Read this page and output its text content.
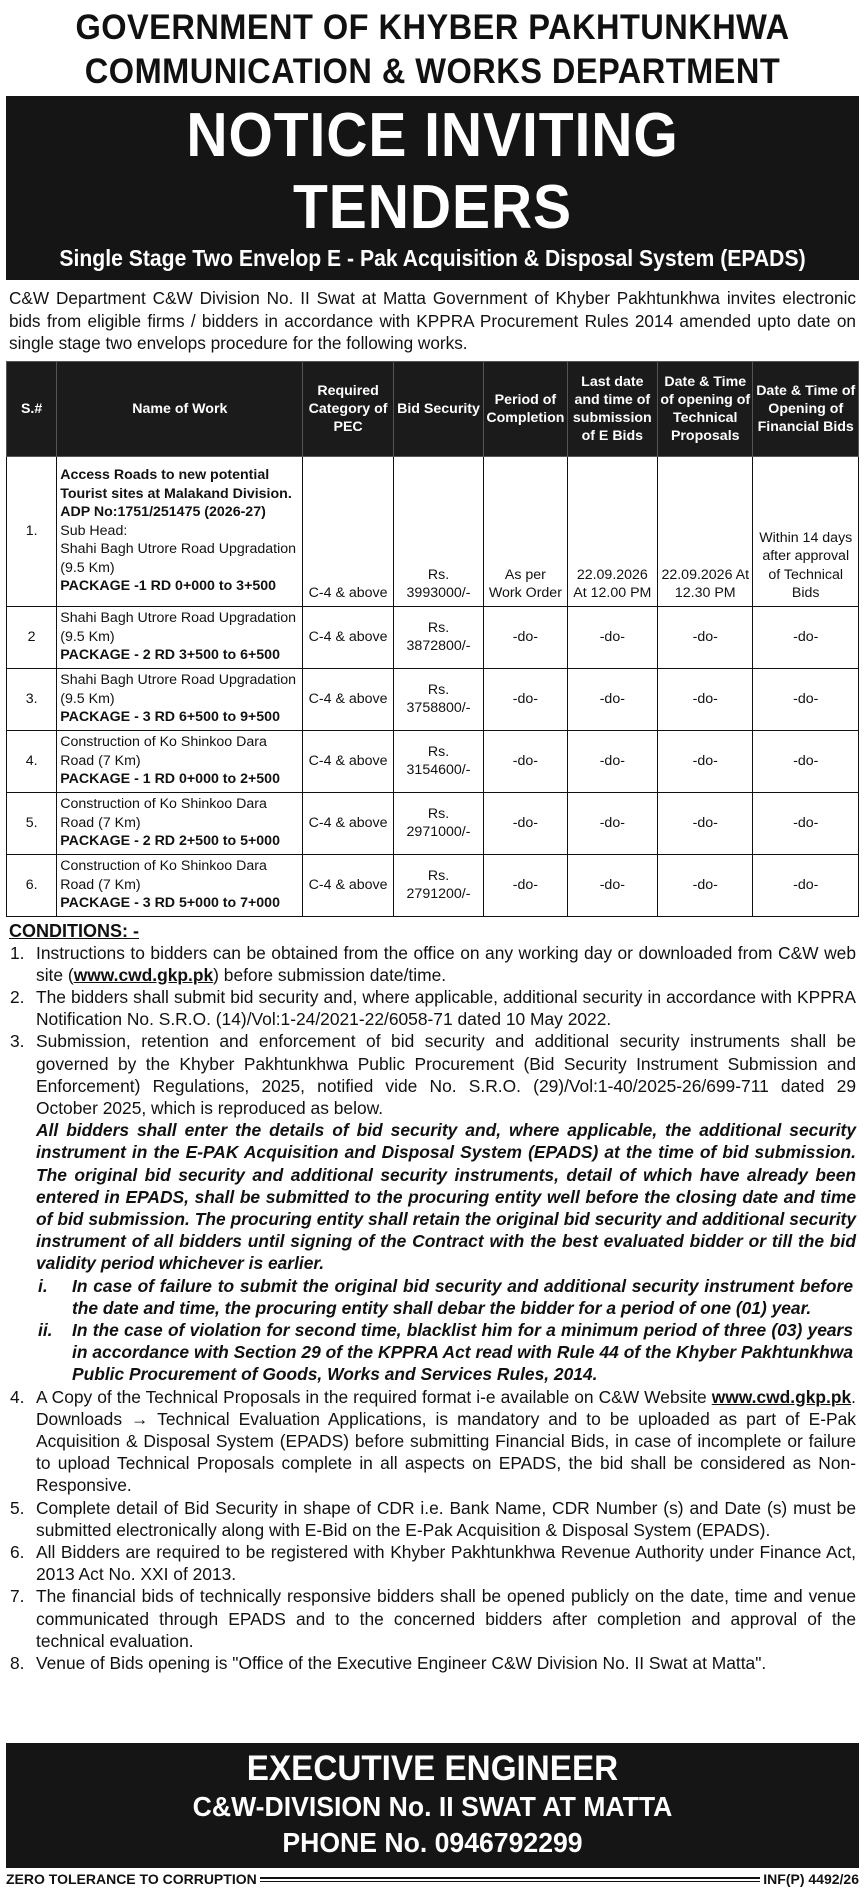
GOVERNMENT OF KHYBER PAKHTUNKHWA
COMMUNICATION & WORKS DEPARTMENT
NOTICE INVITING TENDERS
Single Stage Two Envelop E - Pak Acquisition & Disposal System (EPADS)
C&W Department C&W Division No. II Swat at Matta Government of Khyber Pakhtunkhwa invites electronic bids from eligible firms / bidders in accordance with KPPRA Procurement Rules 2014 amended upto date on single stage two envelops procedure for the following works.
S.#	Name of Work	Required Category of PEC	Bid Security	Period of Completion	Last date and time of submission of E Bids	Date & Time of opening of Technical Proposals	Date & Time of Opening of Financial Bids
1.	Access Roads to new potential Tourist sites at Malakand Division.
ADP No:1751/251475 (2026-27)
Sub Head:
Shahi Bagh Utrore Road Upgradation (9.5 Km)
PACKAGE -1 RD 0+000 to 3+500	C-4 & above	Rs. 3993000/-	As per Work Order	22.09.2026 At 12.00 PM	22.09.2026 At 12.30 PM	Within 14 days after approval of Technical Bids
2	Shahi Bagh Utrore Road Upgradation (9.5 Km)
PACKAGE - 2 RD 3+500 to 6+500	C-4 & above	Rs. 3872800/-	-do-	-do-	-do-	-do-
3.	Shahi Bagh Utrore Road Upgradation (9.5 Km)
PACKAGE - 3 RD 6+500 to 9+500	C-4 & above	Rs. 3758800/-	-do-	-do-	-do-	-do-
4.	Construction of Ko Shinkoo Dara Road (7 Km)
PACKAGE - 1 RD 0+000 to 2+500	C-4 & above	Rs. 3154600/-	-do-	-do-	-do-	-do-
5.	Construction of Ko Shinkoo Dara Road (7 Km)
PACKAGE - 2 RD 2+500 to 5+000	C-4 & above	Rs. 2971000/-	-do-	-do-	-do-	-do-
6.	Construction of Ko Shinkoo Dara Road (7 Km)
PACKAGE - 3 RD 5+000 to 7+000	C-4 & above	Rs. 2791200/-	-do-	-do-	-do-	-do-
CONDITIONS: -
1. Instructions to bidders can be obtained from the office on any working day or downloaded from C&W web site (www.cwd.gkp.pk) before submission date/time.
2. The bidders shall submit bid security and, where applicable, additional security in accordance with KPPRA Notification No. S.R.O. (14)/Vol:1-24/2021-22/6058-71 dated 10 May 2022.
3. Submission, retention and enforcement of bid security and additional security instruments shall be governed by the Khyber Pakhtunkhwa Public Procurement (Bid Security Instrument Submission and Enforcement) Regulations, 2025, notified vide No. S.R.O. (29)/Vol:1-40/2025-26/699-711 dated 29 October 2025, which is reproduced as below.
All bidders shall enter the details of bid security and, where applicable, the additional security instrument in the E-PAK Acquisition and Disposal System (EPADS) at the time of bid submission. The original bid security and additional security instruments, detail of which have already been entered in EPADS, shall be submitted to the procuring entity well before the closing date and time of bid submission. The procuring entity shall retain the original bid security and additional security instrument of all bidders until signing of the Contract with the best evaluated bidder or till the bid validity period whichever is earlier.
i.	In case of failure to submit the original bid security and additional security instrument before the date and time, the procuring entity shall debar the bidder for a period of one (01) year.
ii.	In the case of violation for second time, blacklist him for a minimum period of three (03) years in accordance with Section 29 of the KPPRA Act read with Rule 44 of the Khyber Pakhtunkhwa Public Procurement of Goods, Works and Services Rules, 2014.
4. A Copy of the Technical Proposals in the required format i-e available on C&W Website www.cwd.gkp.pk. Downloads → Technical Evaluation Applications, is mandatory and to be uploaded as part of E-Pak Acquisition & Disposal System (EPADS) before submitting Financial Bids, in case of incomplete or failure to upload Technical Proposals complete in all aspects on EPADS, the bid shall be considered as Non-Responsive.
5. Complete detail of Bid Security in shape of CDR i.e. Bank Name, CDR Number (s) and Date (s) must be submitted electronically along with E-Bid on the E-Pak Acquisition & Disposal System (EPADS).
6. All Bidders are required to be registered with Khyber Pakhtunkhwa Revenue Authority under Finance Act, 2013 Act No. XXI of 2013.
7. The financial bids of technically responsive bidders shall be opened publicly on the date, time and venue communicated through EPADS and to the concerned bidders after completion and approval of the technical evaluation.
8. Venue of Bids opening is "Office of the Executive Engineer C&W Division No. II Swat at Matta".
EXECUTIVE ENGINEER
C&W-DIVISION No. II SWAT AT MATTA
PHONE No. 0946792299
ZERO TOLERANCE TO CORRUPTION	INF(P) 4492/26
